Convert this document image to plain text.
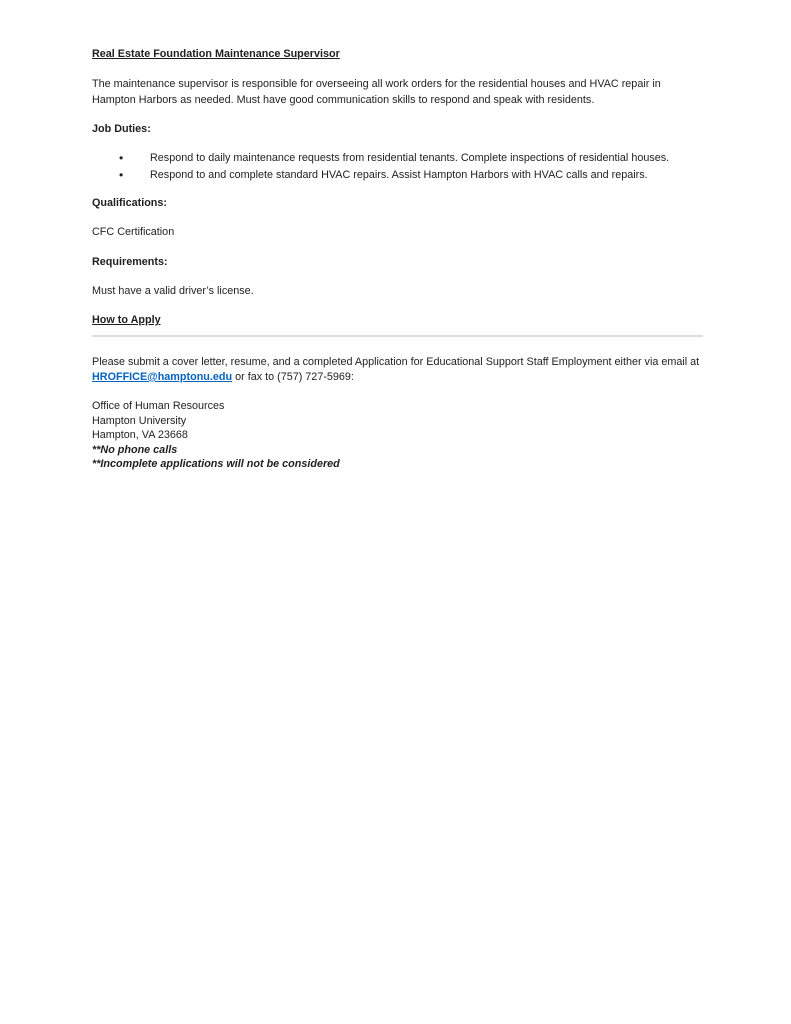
Real Estate Foundation Maintenance Supervisor

The maintenance supervisor is responsible for overseeing all work orders for the residential houses and HVAC repair in Hampton Harbors as needed. Must have good communication skills to respond and speak with residents.

Job Duties:
• Respond to daily maintenance requests from residential tenants. Complete inspections of residential houses.
• Respond to and complete standard HVAC repairs. Assist Hampton Harbors with HVAC calls and repairs.
Qualifications:

CFC Certification

Requirements:

Must have a valid driver’s license.

How to Apply

Please submit a cover letter, resume, and a completed Application for Educational Support Staff Employment either via email at HROFFICE@hamptonu.edu or fax to (757) 727-5969:

Office of Human Resources
Hampton University
Hampton, VA 23668
**No phone calls
**Incomplete applications will not be considered
